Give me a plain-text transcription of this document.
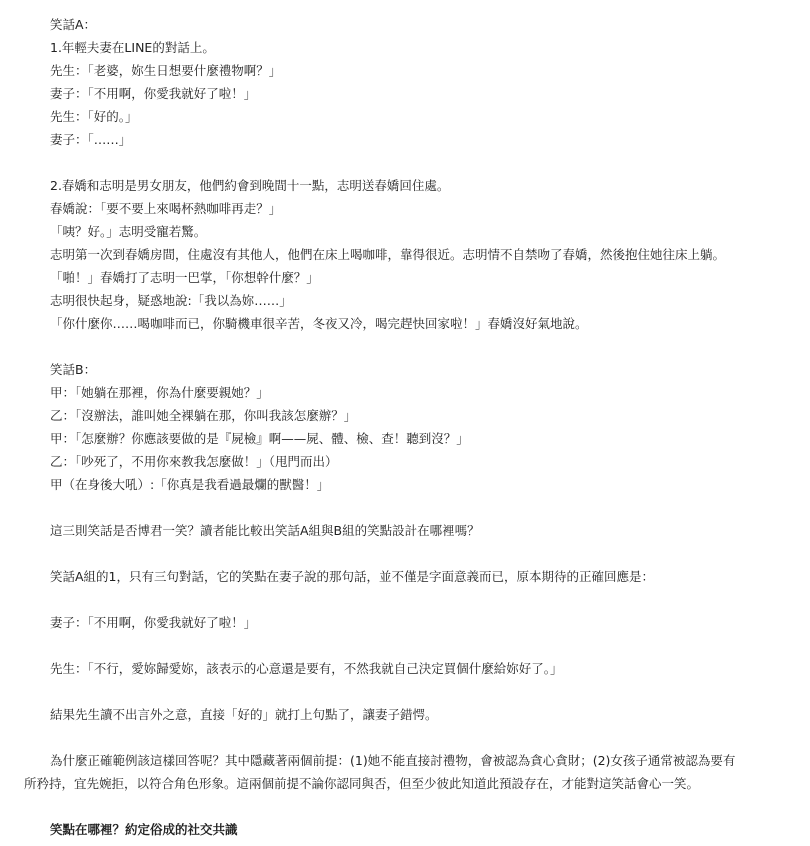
笑話A：
1.年輕夫妻在LINE的對話上。
先生：「老婆，妳生日想要什麼禮物啊？」
妻子：「不用啊，你愛我就好了啦！」
先生：「好的。」
妻子：「……」
2.春嬌和志明是男女朋友，他們約會到晚間十一點，志明送春嬌回住處。
春嬌說：「要不要上來喝杯熱咖啡再走？」
「咦？好。」志明受寵若驚。
志明第一次到春嬌房間，住處沒有其他人，他們在床上喝咖啡，靠得很近。志明情不自禁吻了春嬌，然後抱住她往床上躺。
「啪！」春嬌打了志明一巴掌，「你想幹什麼？」
志明很快起身，疑惑地說:「我以為妳……」
「你什麼你……喝咖啡而已，你騎機車很辛苦，冬夜又冷，喝完趕快回家啦！」春嬌沒好氣地說。
笑話B：
甲：「她躺在那裡，你為什麼要親她？」
乙：「沒辦法，誰叫她全裸躺在那，你叫我該怎麼辦？」
甲：「怎麼辦？你應該要做的是『屍檢』啊——屍、體、檢、查！聽到沒？」
乙：「吵死了，不用你來教我怎麼做！」（甩門而出）
甲（在身後大吼）:「你真是我看過最爛的獸醫！」
這三則笑話是否博君一笑？讀者能比較出笑話A組與B組的笑點設計在哪裡嗎？
笑話A組的1，只有三句對話，它的笑點在妻子說的那句話，並不僅是字面意義而已，原本期待的正確回應是：
妻子：「不用啊，你愛我就好了啦！」
先生：「不行，愛妳歸愛妳，該表示的心意還是要有，不然我就自己決定買個什麼給妳好了。」
結果先生讀不出言外之意，直接「好的」就打上句點了，讓妻子錯愕。
為什麼正確範例該這樣回答呢？其中隱藏著兩個前提：(1)她不能直接討禮物，會被認為貪心貪財；(2)女孩子通常被認為要有
所矜持，宜先婉拒，以符合角色形象。這兩個前提不論你認同與否，但至少彼此知道此預設存在，才能對這笑話會心一笑。
笑點在哪裡？約定俗成的社交共識
